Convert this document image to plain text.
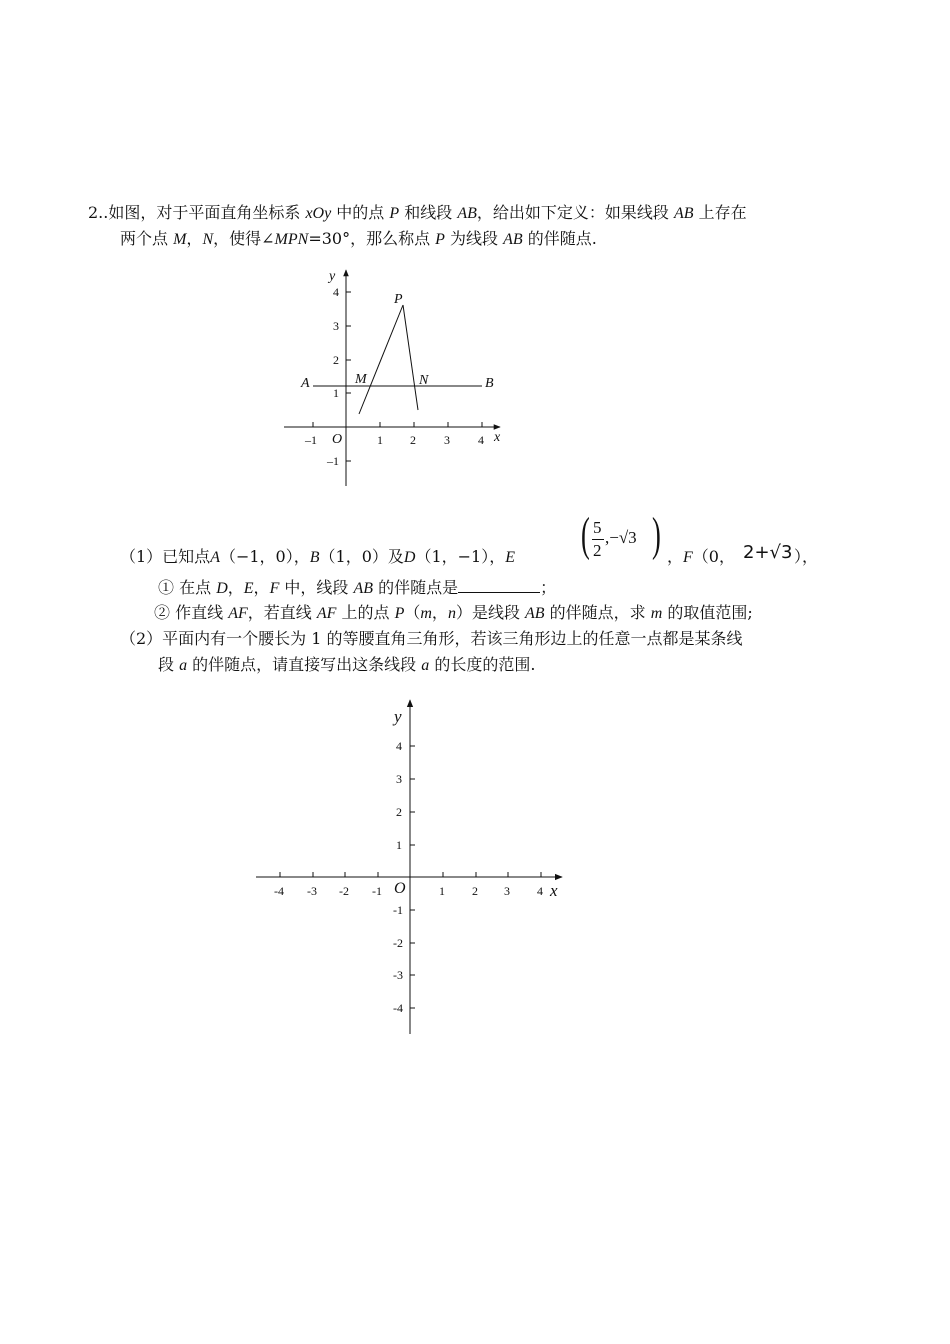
2..如图，对于平面直角坐标系 xOy 中的点 P 和线段 AB，给出如下定义：如果线段 AB 上存在
两个点 M，N，使得∠MPN=30°，那么称点 P 为线段 AB 的伴随点.
–1	1 2 3 4
4
3
2
1
–1
O	x
y
A	B
M	N
P
（1）已知点A（−1，0），B（1，0）及D（1，−1），E ( 5
2
,−√3 ) ，F（0， 2+√3 ），
① 在点 D，E，F 中，线段 AB 的伴随点是	；
② 作直线 AF，若直线 AF 上的点 P（m，n）是线段 AB 的伴随点，求 m 的取值范围;
（2）平面内有一个腰长为 1 的等腰直角三角形，若该三角形边上的任意一点都是某条线
段 a 的伴随点，请直接写出这条线段 a 的长度的范围.
-4 -3 -2 -1	1 2 3 4
4
3
2
1
-1
-2
-3
-4
O	x
y
